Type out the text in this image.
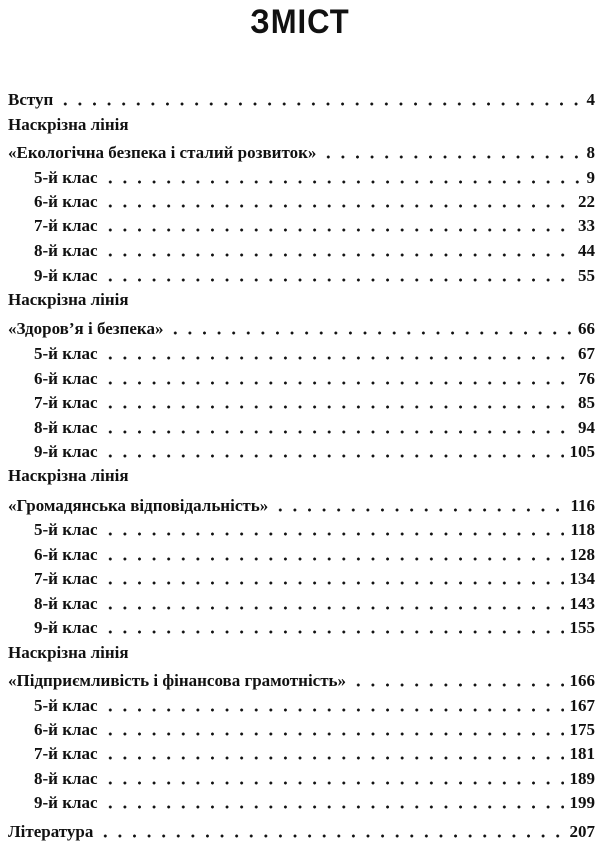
ЗМІСТ
Вступ	4
Наскрізна лінія
«Екологічна безпека і сталий розвиток»	8
5-й клас	9
6-й клас	22
7-й клас	33
8-й клас	44
9-й клас	55
Наскрізна лінія
«Здоров’я і безпека»	66
5-й клас	67
6-й клас	76
7-й клас	85
8-й клас	94
9-й клас	105
Наскрізна лінія
«Громадянська відповідальність»	116
5-й клас	118
6-й клас	128
7-й клас	134
8-й клас	143
9-й клас	155
Наскрізна лінія
«Підприємливість і фінансова грамотність»	166
5-й клас	167
6-й клас	175
7-й клас	181
8-й клас	189
9-й клас	199
Література	207
